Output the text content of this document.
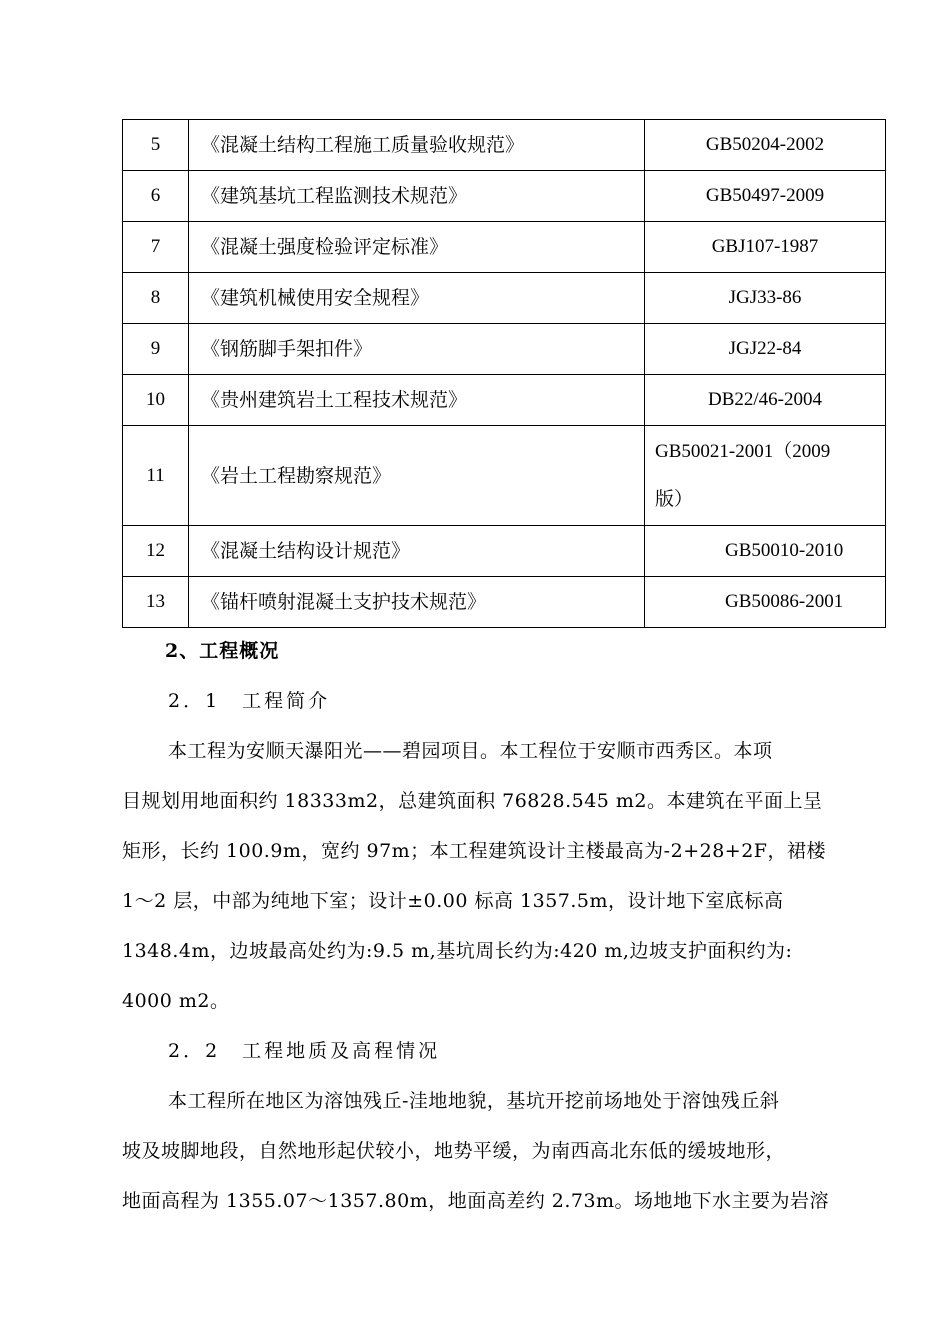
5	《混凝土结构工程施工质量验收规范》	GB50204-2002
6	《建筑基坑工程监测技术规范》	GB50497-2009
7	《混凝土强度检验评定标准》	GBJ107-1987
8	《建筑机械使用安全规程》	JGJ33-86
9	《钢筋脚手架扣件》	JGJ22-84
10	《贵州建筑岩土工程技术规范》	DB22/46-2004
11	《岩土工程勘察规范》	GB50021-2001（2009
版）

12	《混凝土结构设计规范》	GB50010-2010
13	《锚杆喷射混凝土支护技术规范》	GB50086-2001
2、工程概况
2．1　工程简介
本工程为安顺天瀑阳光——碧园项目。本工程位于安顺市西秀区。本项
目规划用地面积约 18333m2，总建筑面积 76828.545 m2。本建筑在平面上呈
矩形，长约 100.9m，宽约 97m；本工程建筑设计主楼最高为-2+28+2F，裙楼
1～2 层，中部为纯地下室；设计±0.00 标高 1357.5m，设计地下室底标高
1348.4m，边坡最高处约为:9.5 m,基坑周长约为:420 m,边坡支护面积约为:
4000 m2。
2．2　工程地质及高程情况
本工程所在地区为溶蚀残丘-洼地地貌，基坑开挖前场地处于溶蚀残丘斜
坡及坡脚地段，自然地形起伏较小，地势平缓，为南西高北东低的缓坡地形，
地面高程为 1355.07～1357.80m，地面高差约 2.73m。场地地下水主要为岩溶
